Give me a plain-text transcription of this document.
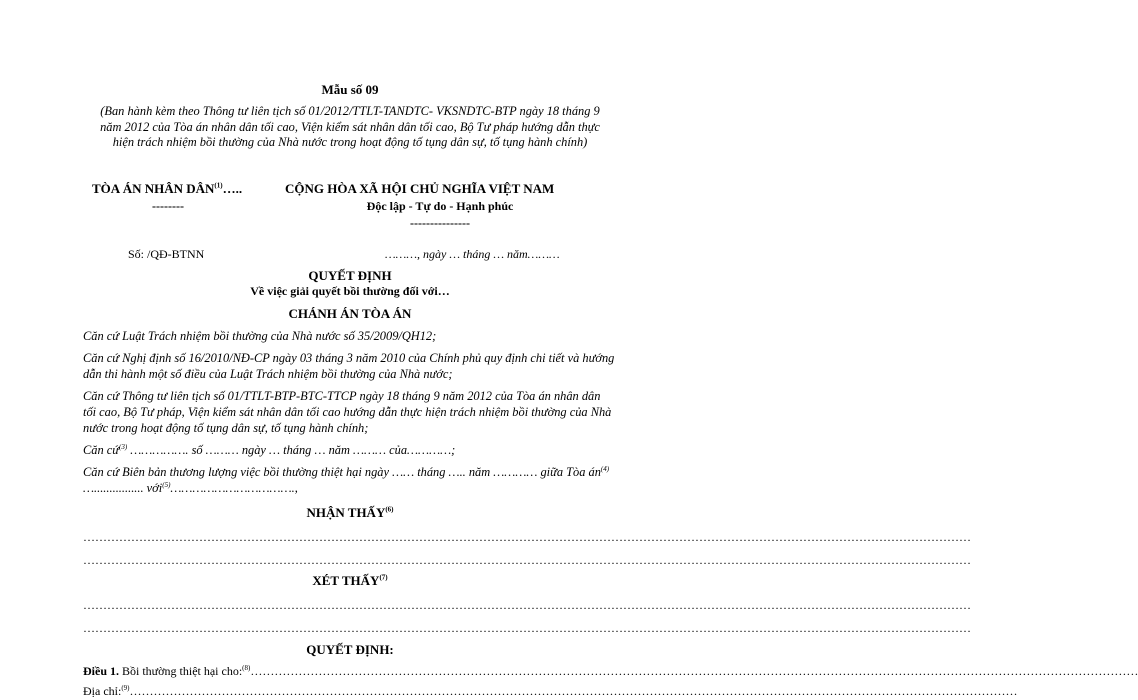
Mẫu số 09
(Ban hành kèm theo Thông tư liên tịch số 01/2012/TTLT-TANDTC- VKSNDTC-BTP ngày 18 tháng 9 năm 2012 của Tòa án nhân dân tối cao, Viện kiểm sát nhân dân tối cao, Bộ Tư pháp hướng dẫn thực hiện trách nhiệm bồi thường của Nhà nước trong hoạt động tố tụng dân sự, tố tụng hành chính)
TÒA ÁN NHÂN DÂN$^{(1)}$…..
--------
CỘNG HÒA XÃ HỘI CHỦ NGHĨA VIỆT NAM
Độc lập - Tự do - Hạnh phúc
---------------
Số: /QĐ-BTNN	………, ngày … tháng … năm………
QUYẾT ĐỊNH
Về việc giải quyết bồi thường đối với…
CHÁNH ÁN TÒA ÁN
Căn cứ Luật Trách nhiệm bồi thường của Nhà nước số 35/2009/QH12;
Căn cứ Nghị định số 16/2010/NĐ-CP ngày 03 tháng 3 năm 2010 của Chính phủ quy định chi tiết và hướng dẫn thi hành một số điều của Luật Trách nhiệm bồi thường của Nhà nước;
Căn cứ Thông tư liên tịch số 01/TTLT-BTP-BTC-TTCP ngày 18 tháng 9 năm 2012 của Tòa án nhân dân tối cao, Bộ Tư pháp, Viện kiểm sát nhân dân tối cao hướng dẫn thực hiện trách nhiệm bồi thường của Nhà nước trong hoạt động tố tụng dân sự, tố tụng hành chính;
Căn cứ$^{(3)}$ ……………. số ……… ngày … tháng … năm ……… của…………;
Căn cứ Biên bản thương lượng việc bồi thường thiệt hại ngày …… tháng ….. năm ………… giữa Tòa $án^{(4)}$ …................ với$^{(5)}$…………………………….,
NHẬN THẤY$^{(6)}$
……………………………………………………………………………………………………………………………………………………………………………………………………
……………………………………………………………………………………………………………………………………………………………………………………………………
XÉT THẤY$^{(7)}$
……………………………………………………………………………………………………………………………………………………………………………………………………
……………………………………………………………………………………………………………………………………………………………………………………………………
QUYẾT ĐỊNH:
Điều 1. Bồi thường thiệt hại cho:$^{(8)}$……………………………………………………………………………………………………………………………………………………………………………………………………
Địa chỉ:$^{(9)}$……………………………………………………………………………………………………………………………………………………………………………………………………
